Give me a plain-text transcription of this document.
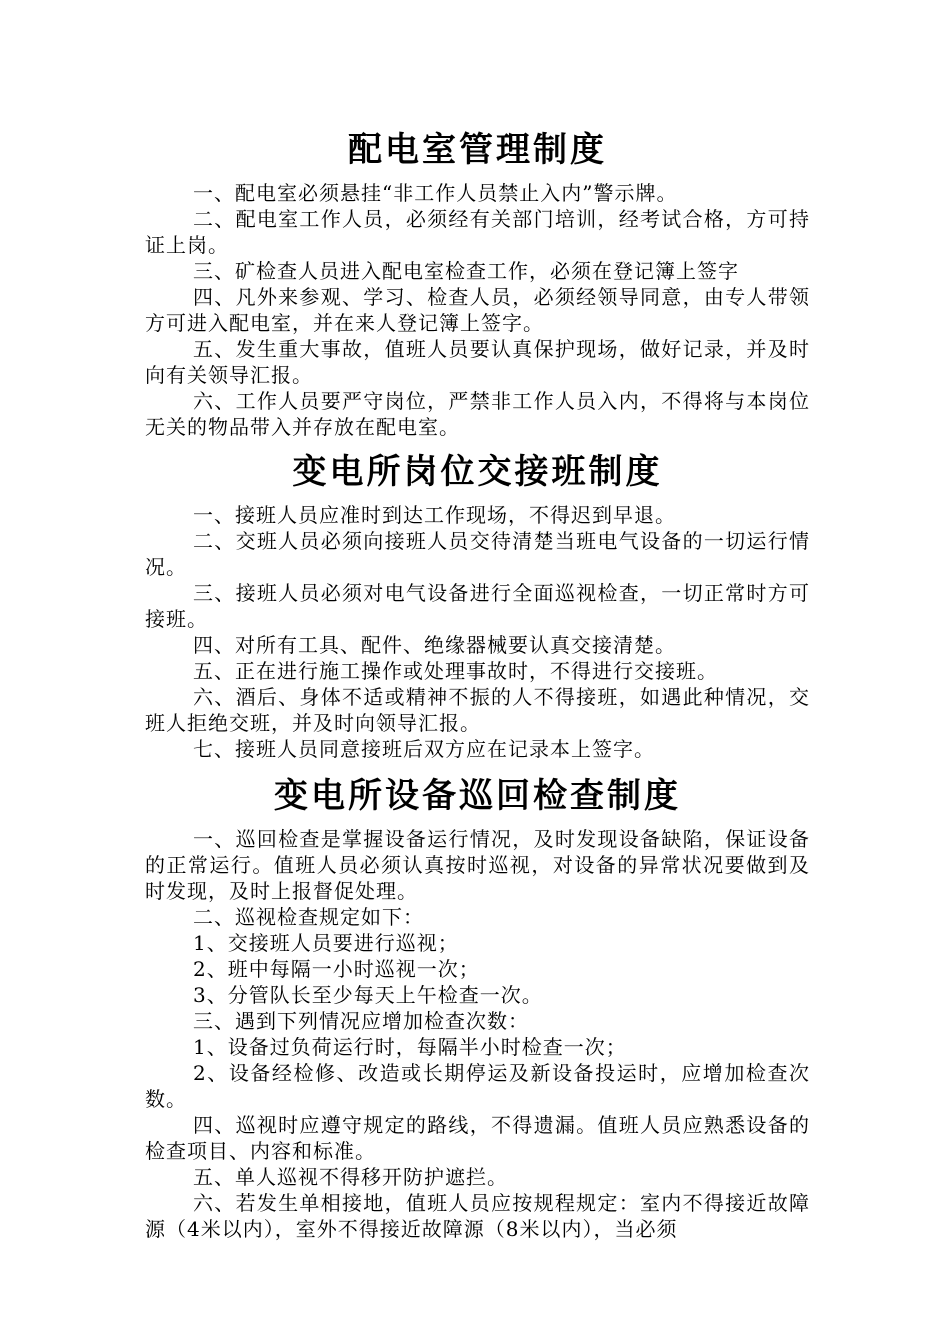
配电室管理制度

一、配电室必须悬挂“非工作人员禁止入内”警示牌。

二、配电室工作人员，必须经有关部门培训，经考试合格，方可持证上岗。

三、矿检查人员进入配电室检查工作，必须在登记簿上签字

四、凡外来参观、学习、检查人员，必须经领导同意，由专人带领方可进入配电室，并在来人登记簿上签字。

五、发生重大事故，值班人员要认真保护现场，做好记录，并及时向有关领导汇报。

六、工作人员要严守岗位，严禁非工作人员入内，不得将与本岗位无关的物品带入并存放在配电室。

变电所岗位交接班制度

一、接班人员应准时到达工作现场，不得迟到早退。

二、交班人员必须向接班人员交待清楚当班电气设备的一切运行情况。

三、接班人员必须对电气设备进行全面巡视检查，一切正常时方可接班。

四、对所有工具、配件、绝缘器械要认真交接清楚。

五、正在进行施工操作或处理事故时，不得进行交接班。

六、酒后、身体不适或精神不振的人不得接班，如遇此种情况，交班人拒绝交班，并及时向领导汇报。

七、接班人员同意接班后双方应在记录本上签字。

变电所设备巡回检查制度

一、巡回检查是掌握设备运行情况，及时发现设备缺陷，保证设备的正常运行。值班人员必须认真按时巡视，对设备的异常状况要做到及时发现，及时上报督促处理。

二、巡视检查规定如下：

1、交接班人员要进行巡视；

2、班中每隔一小时巡视一次；

3、分管队长至少每天上午检查一次。

三、遇到下列情况应增加检查次数：

1、设备过负荷运行时，每隔半小时检查一次；

2、设备经检修、改造或长期停运及新设备投运时，应增加检查次数。

四、巡视时应遵守规定的路线，不得遗漏。值班人员应熟悉设备的检查项目、内容和标准。

五、单人巡视不得移开防护遮拦。

六、若发生单相接地，值班人员应按规程规定：室内不得接近故障源（4米以内），室外不得接近故障源（8米以内），当必须
